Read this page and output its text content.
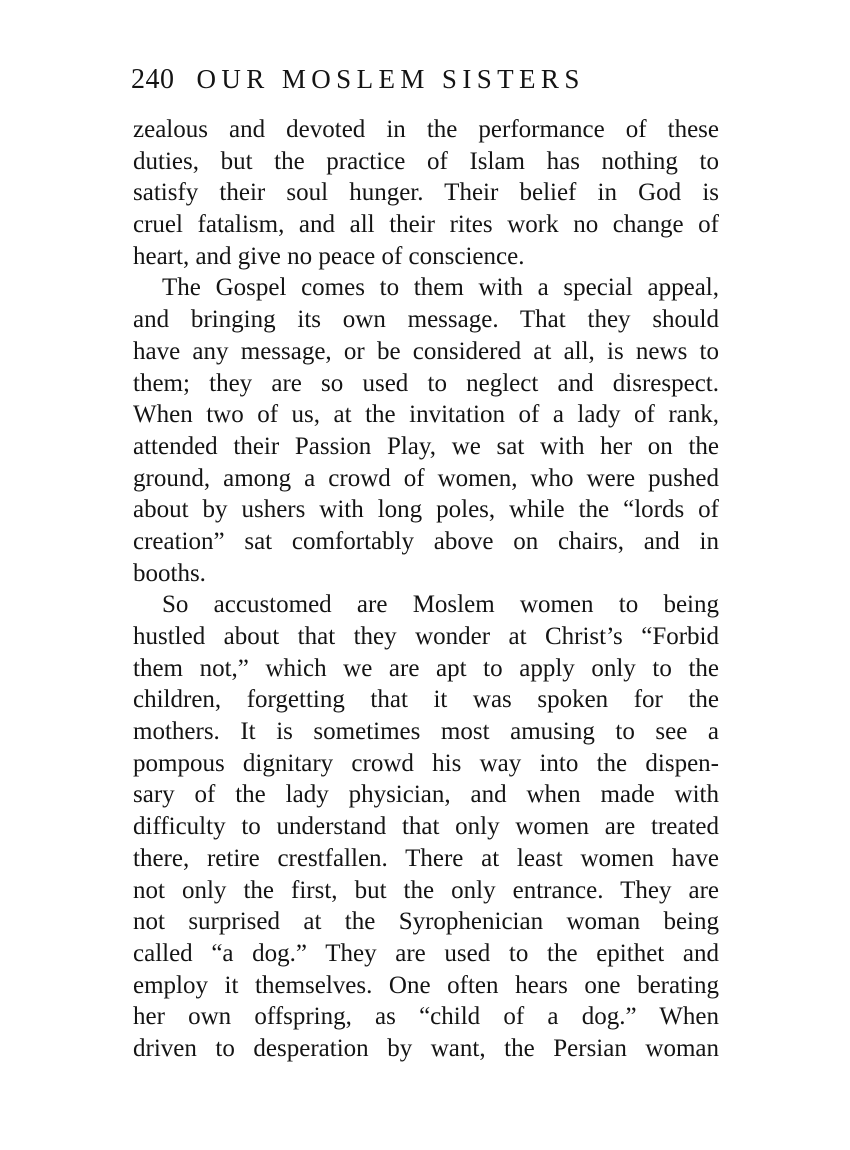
240 OUR MOSLEM SISTERS
zealous and devoted in the performance of these
duties, but the practice of Islam has nothing to
satisfy their soul hunger. Their belief in God is
cruel fatalism, and all their rites work no change of
heart, and give no peace of conscience.
The Gospel comes to them with a special appeal,
and bringing its own message. That they should
have any message, or be considered at all, is news to
them; they are so used to neglect and disrespect.
When two of us, at the invitation of a lady of rank,
attended their Passion Play, we sat with her on the
ground, among a crowd of women, who were pushed
about by ushers with long poles, while the “lords of
creation” sat comfortably above on chairs, and in
booths.
So accustomed are Moslem women to being
hustled about that they wonder at Christ’s “Forbid
them not,” which we are apt to apply only to the
children, forgetting that it was spoken for the
mothers. It is sometimes most amusing to see a
pompous dignitary crowd his way into the dispen-
sary of the lady physician, and when made with
difficulty to understand that only women are treated
there, retire crestfallen. There at least women have
not only the first, but the only entrance. They are
not surprised at the Syrophenician woman being
called “a dog.” They are used to the epithet and
employ it themselves. One often hears one berating
her own offspring, as “child of a dog.” When
driven to desperation by want, the Persian woman
